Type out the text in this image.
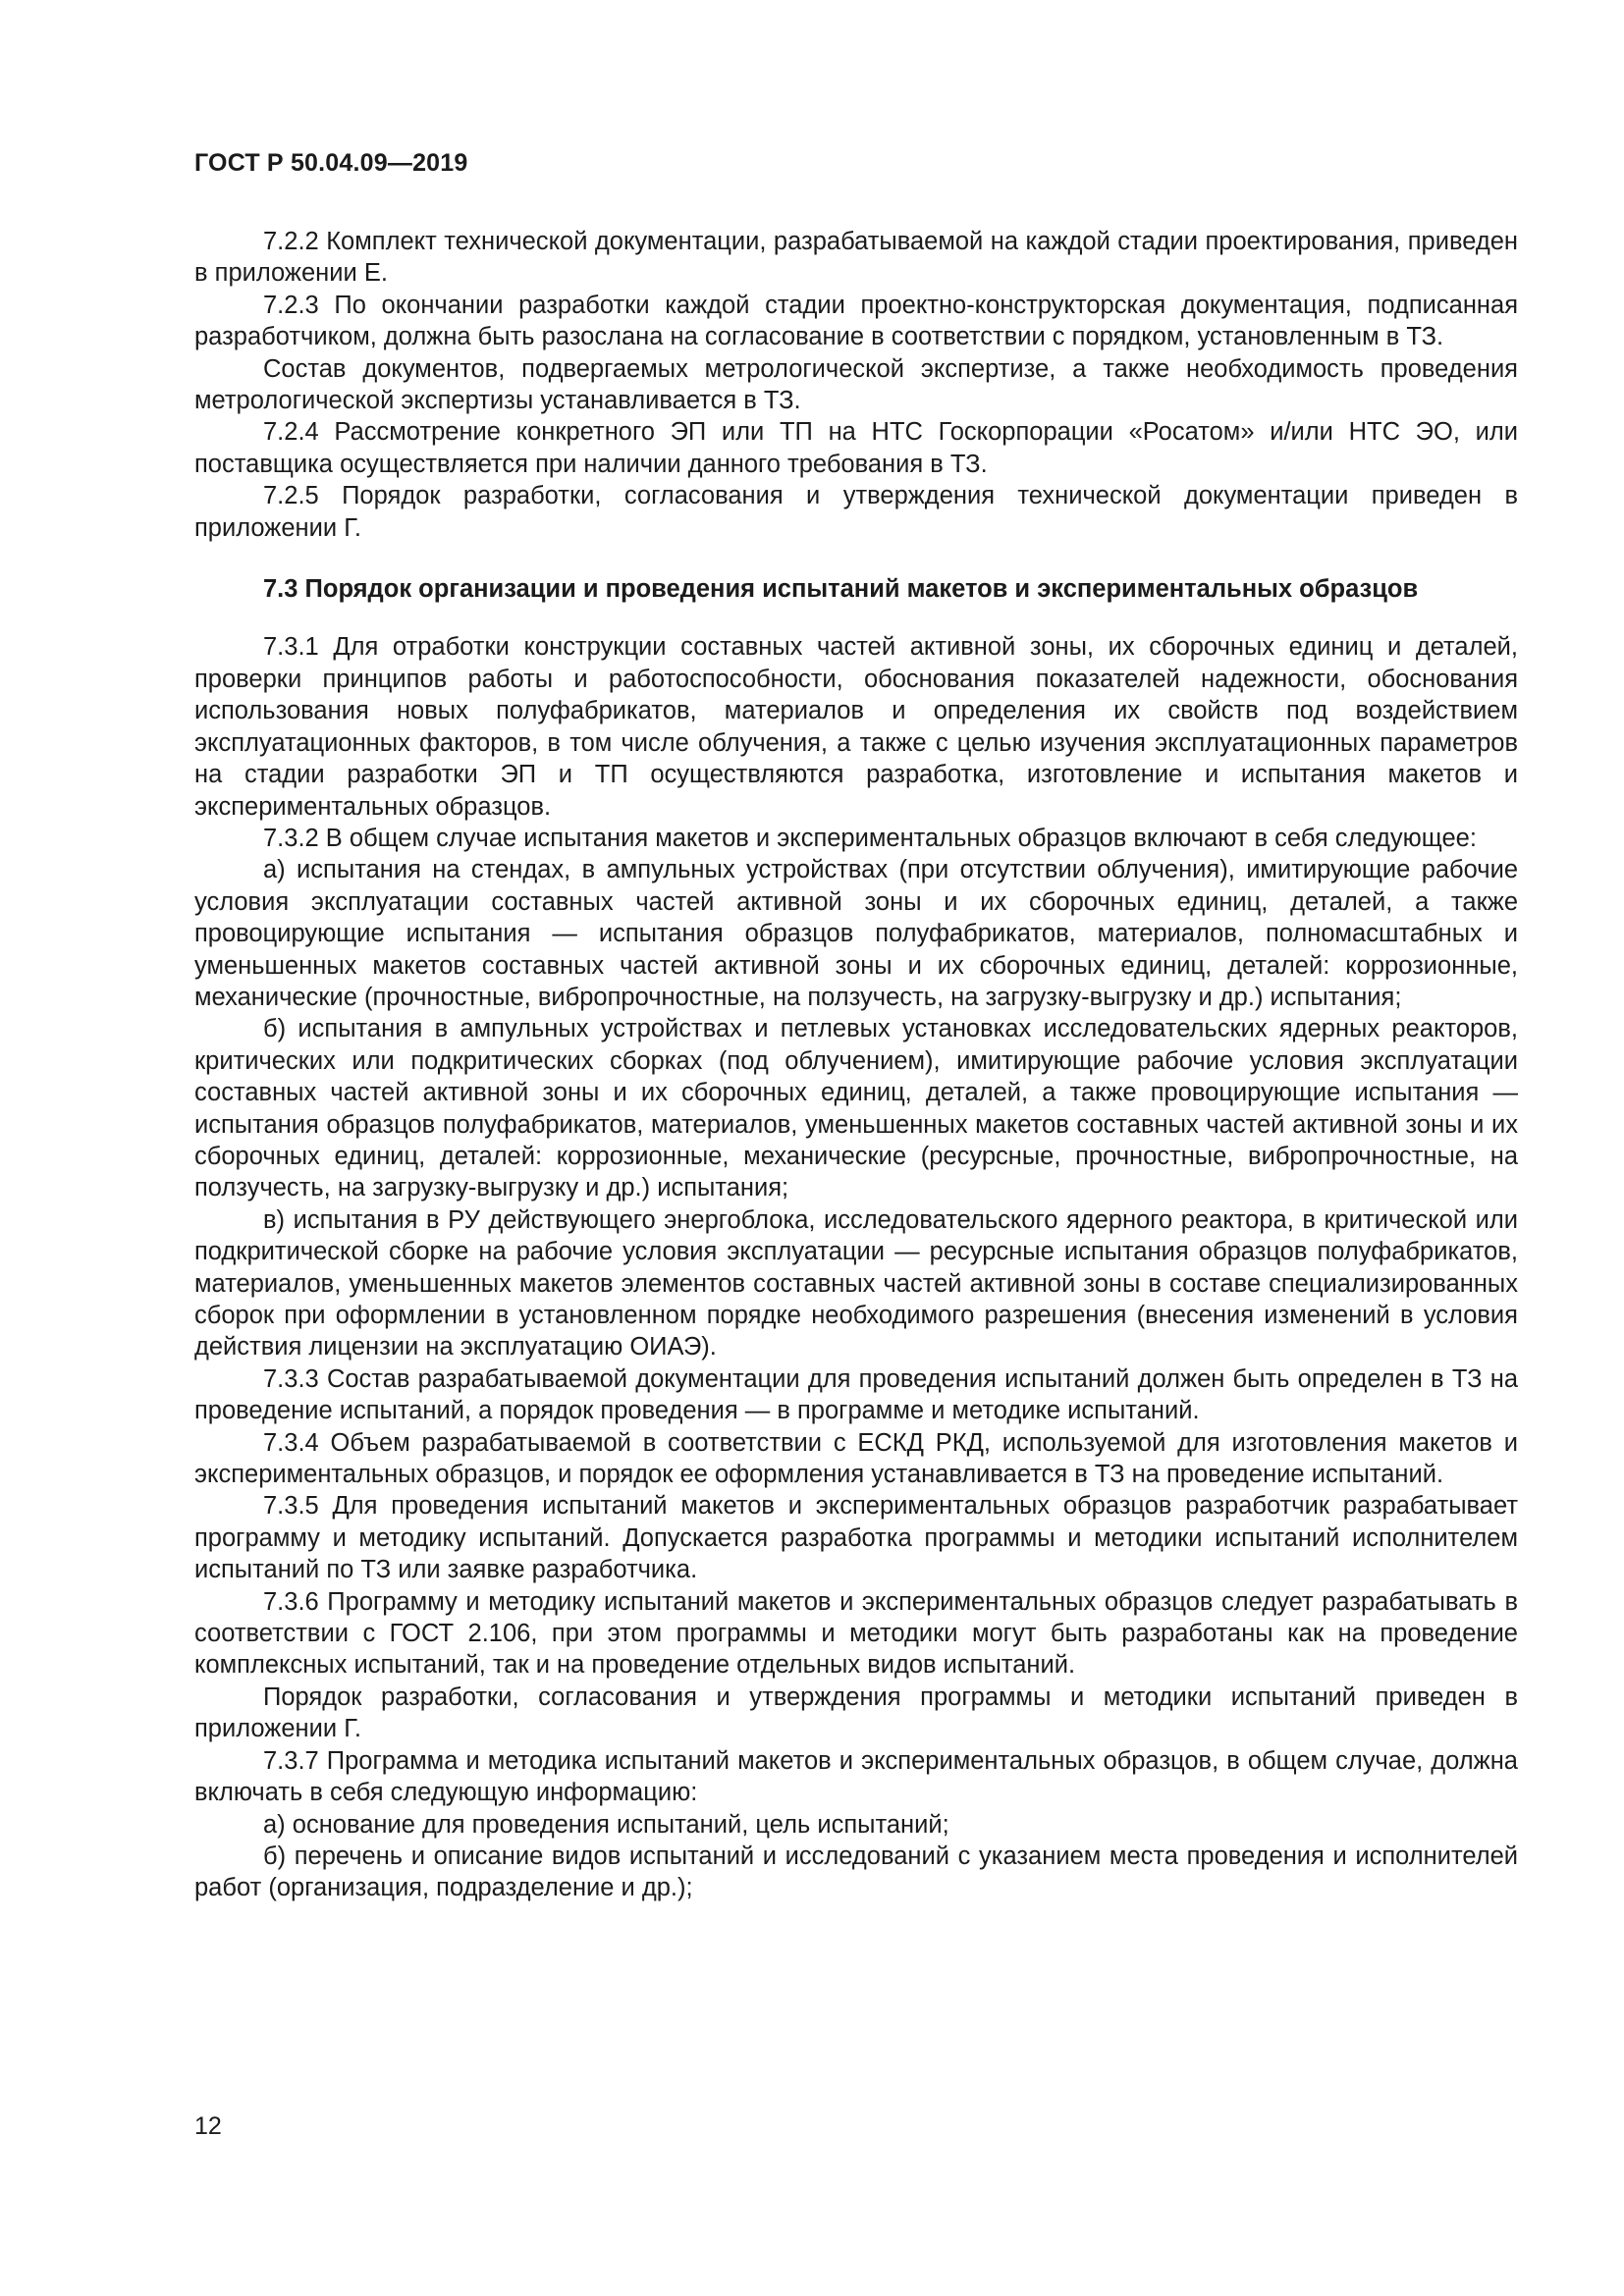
ГОСТ Р 50.04.09—2019

7.2.2 Комплект технической документации, разрабатываемой на каждой стадии проектирования, приведен в приложении Е.

7.2.3 По окончании разработки каждой стадии проектно-конструкторская документация, подписанная разработчиком, должна быть разослана на согласование в соответствии с порядком, установленным в ТЗ.

Состав документов, подвергаемых метрологической экспертизе, а также необходимость проведения метрологической экспертизы устанавливается в ТЗ.

7.2.4 Рассмотрение конкретного ЭП или ТП на НТС Госкорпорации «Росатом» и/или НТС ЭО, или поставщика осуществляется при наличии данного требования в ТЗ.

7.2.5 Порядок разработки, согласования и утверждения технической документации приведен в приложении Г.

7.3 Порядок организации и проведения испытаний макетов и экспериментальных образцов

7.3.1 Для отработки конструкции составных частей активной зоны, их сборочных единиц и деталей, проверки принципов работы и работоспособности, обоснования показателей надежности, обоснования использования новых полуфабрикатов, материалов и определения их свойств под воздействием эксплуатационных факторов, в том числе облучения, а также с целью изучения эксплуатационных параметров на стадии разработки ЭП и ТП осуществляются разработка, изготовление и испытания макетов и экспериментальных образцов.

7.3.2 В общем случае испытания макетов и экспериментальных образцов включают в себя следующее:

а) испытания на стендах, в ампульных устройствах (при отсутствии облучения), имитирующие рабочие условия эксплуатации составных частей активной зоны и их сборочных единиц, деталей, а также провоцирующие испытания — испытания образцов полуфабрикатов, материалов, полномасштабных и уменьшенных макетов составных частей активной зоны и их сборочных единиц, деталей: коррозионные, механические (прочностные, вибропрочностные, на ползучесть, на загрузку-выгрузку и др.) испытания;

б) испытания в ампульных устройствах и петлевых установках исследовательских ядерных реакторов, критических или подкритических сборках (под облучением), имитирующие рабочие условия эксплуатации составных частей активной зоны и их сборочных единиц, деталей, а также провоцирующие испытания — испытания образцов полуфабрикатов, материалов, уменьшенных макетов составных частей активной зоны и их сборочных единиц, деталей: коррозионные, механические (ресурсные, прочностные, вибропрочностные, на ползучесть, на загрузку-выгрузку и др.) испытания;

в) испытания в РУ действующего энергоблока, исследовательского ядерного реактора, в критической или подкритической сборке на рабочие условия эксплуатации — ресурсные испытания образцов полуфабрикатов, материалов, уменьшенных макетов элементов составных частей активной зоны в составе специализированных сборок при оформлении в установленном порядке необходимого разрешения (внесения изменений в условия действия лицензии на эксплуатацию ОИАЭ).

7.3.3 Состав разрабатываемой документации для проведения испытаний должен быть определен в ТЗ на проведение испытаний, а порядок проведения — в программе и методике испытаний.

7.3.4 Объем разрабатываемой в соответствии с ЕСКД РКД, используемой для изготовления макетов и экспериментальных образцов, и порядок ее оформления устанавливается в ТЗ на проведение испытаний.

7.3.5 Для проведения испытаний макетов и экспериментальных образцов разработчик разрабатывает программу и методику испытаний. Допускается разработка программы и методики испытаний исполнителем испытаний по ТЗ или заявке разработчика.

7.3.6 Программу и методику испытаний макетов и экспериментальных образцов следует разрабатывать в соответствии с ГОСТ 2.106, при этом программы и методики могут быть разработаны как на проведение комплексных испытаний, так и на проведение отдельных видов испытаний.

Порядок разработки, согласования и утверждения программы и методики испытаний приведен в приложении Г.

7.3.7 Программа и методика испытаний макетов и экспериментальных образцов, в общем случае, должна включать в себя следующую информацию:

а) основание для проведения испытаний, цель испытаний;

б) перечень и описание видов испытаний и исследований с указанием места проведения и исполнителей работ (организация, подразделение и др.);

12
